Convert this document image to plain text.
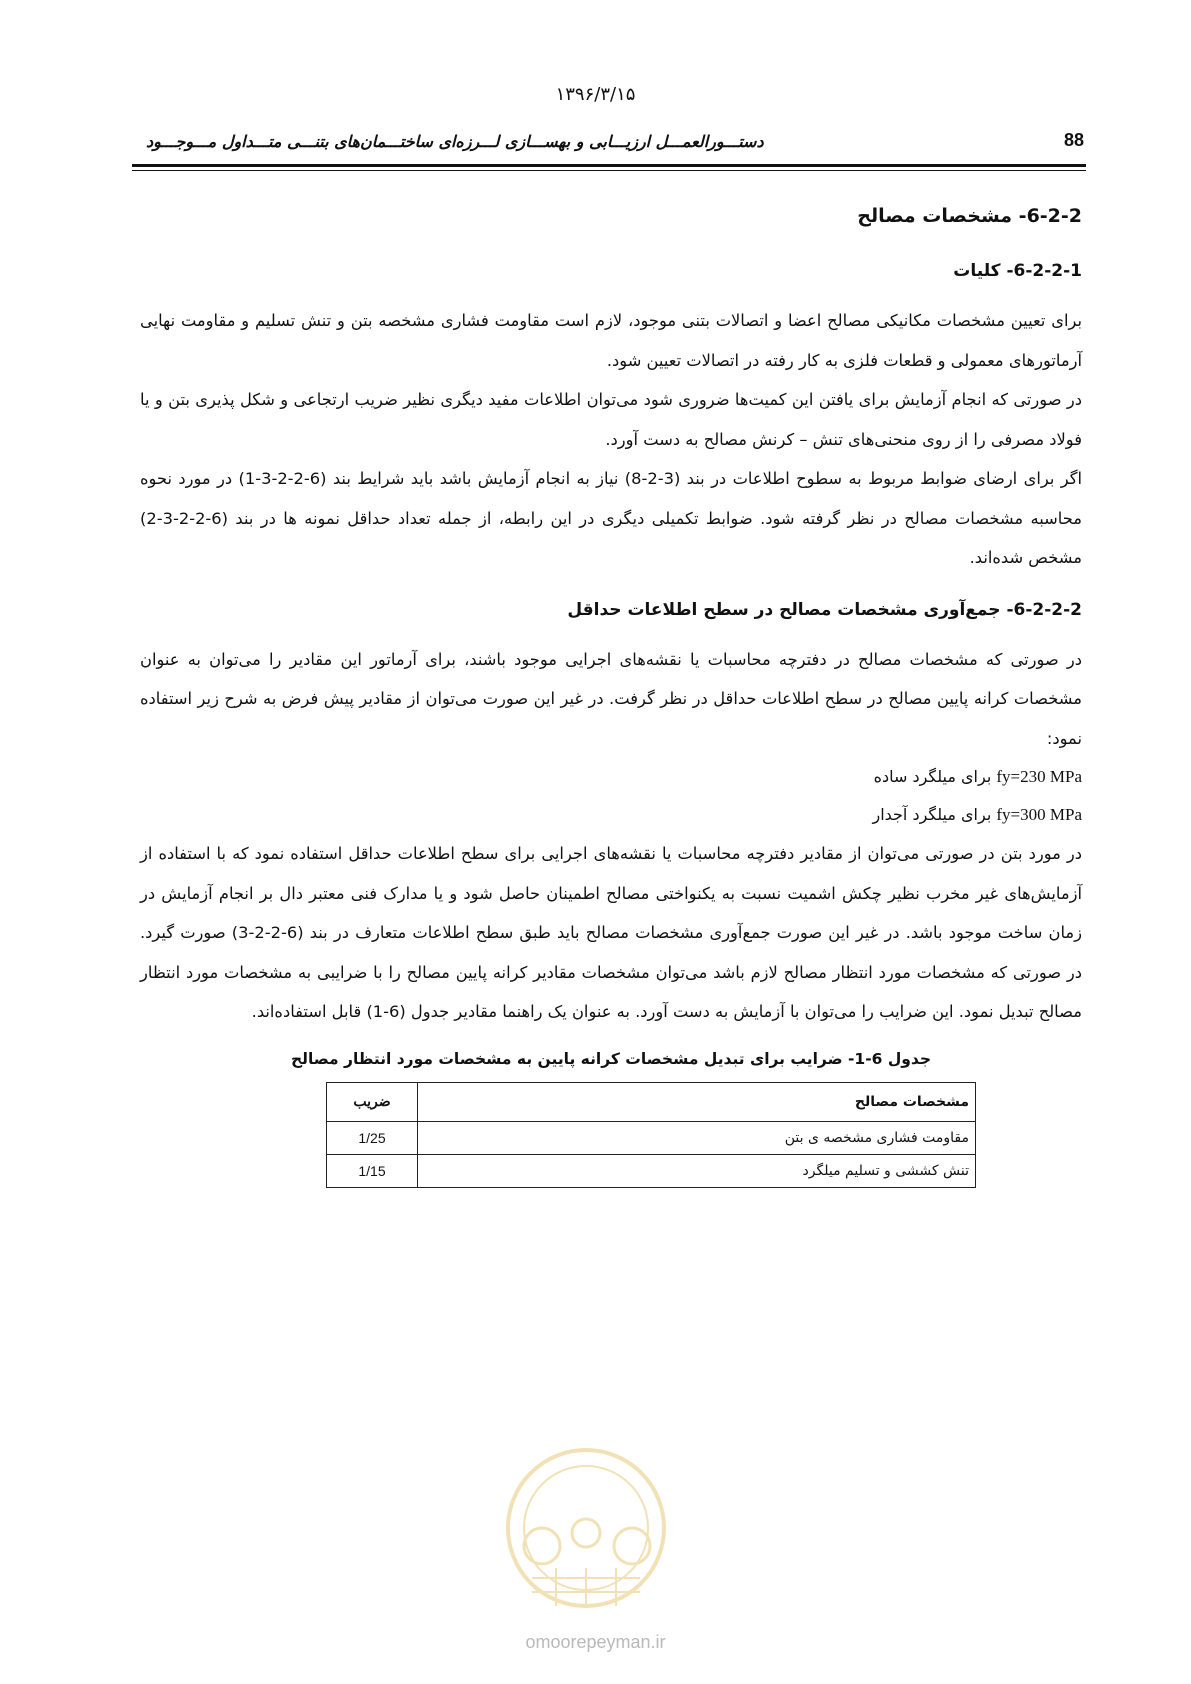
۱۳۹۶/۳/۱۵
88
دستـــورالعمـــل ارزیـــابی و بهســـازی لـــرزه‌ای ساختـــمان‌های بتنـــی متـــداول مـــوجـــود
6-2-2- مشخصات مصالح
6-2-2-1- کلیات

برای تعیین مشخصات مکانیکی مصالح اعضا و اتصالات بتنی موجود، لازم است مقاومت فشاری مشخصه بتن و تنش تسلیم و مقاومت نهایی آرماتورهای معمولی و قطعات فلزی به کار رفته در اتصالات تعیین شود.

در صورتی که انجام آزمایش برای یافتن این کمیت‌ها ضروری شود می‌توان اطلاعات مفید دیگری نظیر ضریب ارتجاعی و شکل پذیری بتن و یا فولاد مصرفی را از روی منحنی‌های تنش – کرنش مصالح به دست آورد.

اگر برای ارضای ضوابط مربوط به سطوح اطلاعات در بند (3-2-8) نیاز به انجام آزمایش باشد باید شرایط بند (6-2-2-3-1) در مورد نحوه محاسبه مشخصات مصالح در نظر گرفته شود. ضوابط تکمیلی دیگری در این رابطه، از جمله تعداد حداقل نمونه ها در بند (6-2-2-3-2) مشخص شده‌اند.

6-2-2-2- جمع‌آوری مشخصات مصالح در سطح اطلاعات حداقل

در صورتی که مشخصات مصالح در دفترچه محاسبات یا نقشه‌های اجرایی موجود باشند، برای آرماتور این مقادیر را می‌توان به عنوان مشخصات کرانه پایین مصالح در سطح اطلاعات حداقل در نظر گرفت. در غیر این صورت می‌توان از مقادیر پیش فرض به شرح زیر استفاده نمود:

fy=230 MPa برای میلگرد ساده
fy=300 MPa برای میلگرد آجدار

در مورد بتن در صورتی می‌توان از مقادیر دفترچه محاسبات یا نقشه‌های اجرایی برای سطح اطلاعات حداقل استفاده نمود که با استفاده از آزمایش‌های غیر مخرب نظیر چکش اشمیت نسبت به یکنواختی مصالح اطمینان حاصل شود و یا مدارک فنی معتبر دال بر انجام آزمایش در زمان ساخت موجود باشد. در غیر این صورت جمع‌آوری مشخصات مصالح باید طبق سطح اطلاعات متعارف در بند (6-2-2-3) صورت گیرد. در صورتی که مشخصات مورد انتظار مصالح لازم باشد می‌توان مشخصات مقادیر کرانه پایین مصالح را با ضرایبی به مشخصات مورد انتظار مصالح تبدیل نمود. این ضرایب را می‌توان با آزمایش به دست آورد. به عنوان یک راهنما مقادیر جدول (6-1) قابل استفاده‌اند.

جدول 6-1- ضرایب برای تبدیل مشخصات کرانه پایین به مشخصات مورد انتظار مصالح
مشخصات مصالح	ضریب
مقاومت فشاری مشخصه ی بتن	1/25
تنش کششی و تسلیم میلگرد	1/15
omoorepeyman.ir
